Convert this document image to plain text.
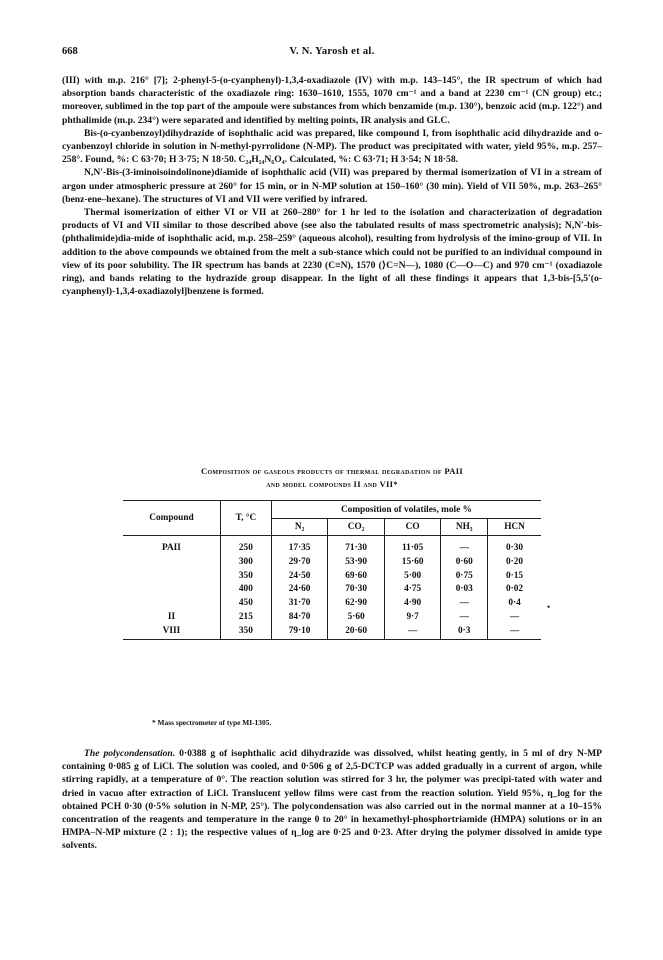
668	V. N. Yarosh et al.

(III) with m.p. 216° [7]; 2-phenyl-5-(o-cyanphenyl)-1,3,4-oxadiazole (IV) with m.p. 143–145°, the IR spectrum of which had absorption bands characteristic of the oxadiazole ring: 1630–1610, 1555, 1070 cm⁻¹ and a band at 2230 cm⁻¹ (CN group) etc.; moreover, sublimed in the top part of the ampoule were substances from which benzamide (m.p. 130°), benzoic acid (m.p. 122°) and phthalimide (m.p. 234°) were separated and identified by melting points, IR analysis and GLC.

Bis-(o-cyanbenzoyl)dihydrazide of isophthalic acid was prepared, like compound I, from isophthalic acid dihydrazide and o-cyanbenzoyl chloride in solution in N-methyl-pyrrolidone (N-MP). The product was precipitated with water, yield 95%, m.p. 257–258°. Found, %: C 63·70; H 3·75; N 18·50. C₂₄H₁₄N₆O₄. Calculated, %: C 63·71; H 3·54; N 18·58.

N,N′-Bis-(3-iminoisoindolinone)diamide of isophthalic acid (VII) was prepared by thermal isomerization of VI in a stream of argon under atmospheric pressure at 260° for 15 min, or in N-MP solution at 150–160° (30 min). Yield of VII 50%, m.p. 263–265° (benz-ene–hexane). The structures of VI and VII were verified by infrared.

Thermal isomerization of either VI or VII at 260–280° for 1 hr led to the isolation and characterization of degradation products of VI and VII similar to those described above (see also the tabulated results of mass spectrometric analysis); N,N′-bis-(phthalimide)dia-mide of isophthalic acid, m.p. 258–259° (aqueous alcohol), resulting from hydrolysis of the imino-group of VII. In addition to the above compounds we obtained from the melt a sub-stance which could not be purified to an individual compound in view of its poor solubility. The IR spectrum has bands at 2230 (C≡N), 1570 (⟩C=N—), 1080 (C—O—C) and 970 cm⁻¹ (oxadiazole ring), and bands relating to the hydrazide group disappear. In the light of all these findings it appears that 1,3-bis-[5,5′(o-cyanphenyl)-1,3,4-oxadiazolyl]benzene is formed.

Composition of gaseous products of thermal degradation of PAII
and model compounds II and VII*
Compound	T, °C	Composition of volatiles, mole %				
		N₂	CO₂	CO	NH₃	HCN
PAII	250	17·35	71·30	11·05	—	0·30
	300	29·70	53·90	15·60	0·60	0·20
	350	24·50	69·60	5·00	0·75	0·15
	400	24·60	70·30	4·75	0·03	0·02
	450	31·70	62·90	4·90	—	0·4
II	215	84·70	5·60	9·7	—	—
VIII	350	79·10	20·60	—	0·3	—
•
* Mass spectrometer of type MI-1305.

The polycondensation. 0·0388 g of isophthalic acid dihydrazide was dissolved, whilst heating gently, in 5 ml of dry N-MP containing 0·085 g of LiCl. The solution was cooled, and 0·506 g of 2,5-DCTCP was added gradually in a current of argon, while stirring rapidly, at a temperature of 0°. The reaction solution was stirred for 3 hr, the polymer was precipi-tated with water and dried in vacuo after extraction of LiCl. Translucent yellow films were cast from the reaction solution. Yield 95%, η_log for the obtained PCH 0·30 (0·5% solution in N-MP, 25°). The polycondensation was also carried out in the normal manner at a 10–15% concentration of the reagents and temperature in the range 0 to 20° in hexamethyl-phosphortriamide (HMPA) solutions or in an HMPA–N-MP mixture (2 : 1); the respective values of η_log are 0·25 and 0·23. After drying the polymer dissolved in amide type solvents.
